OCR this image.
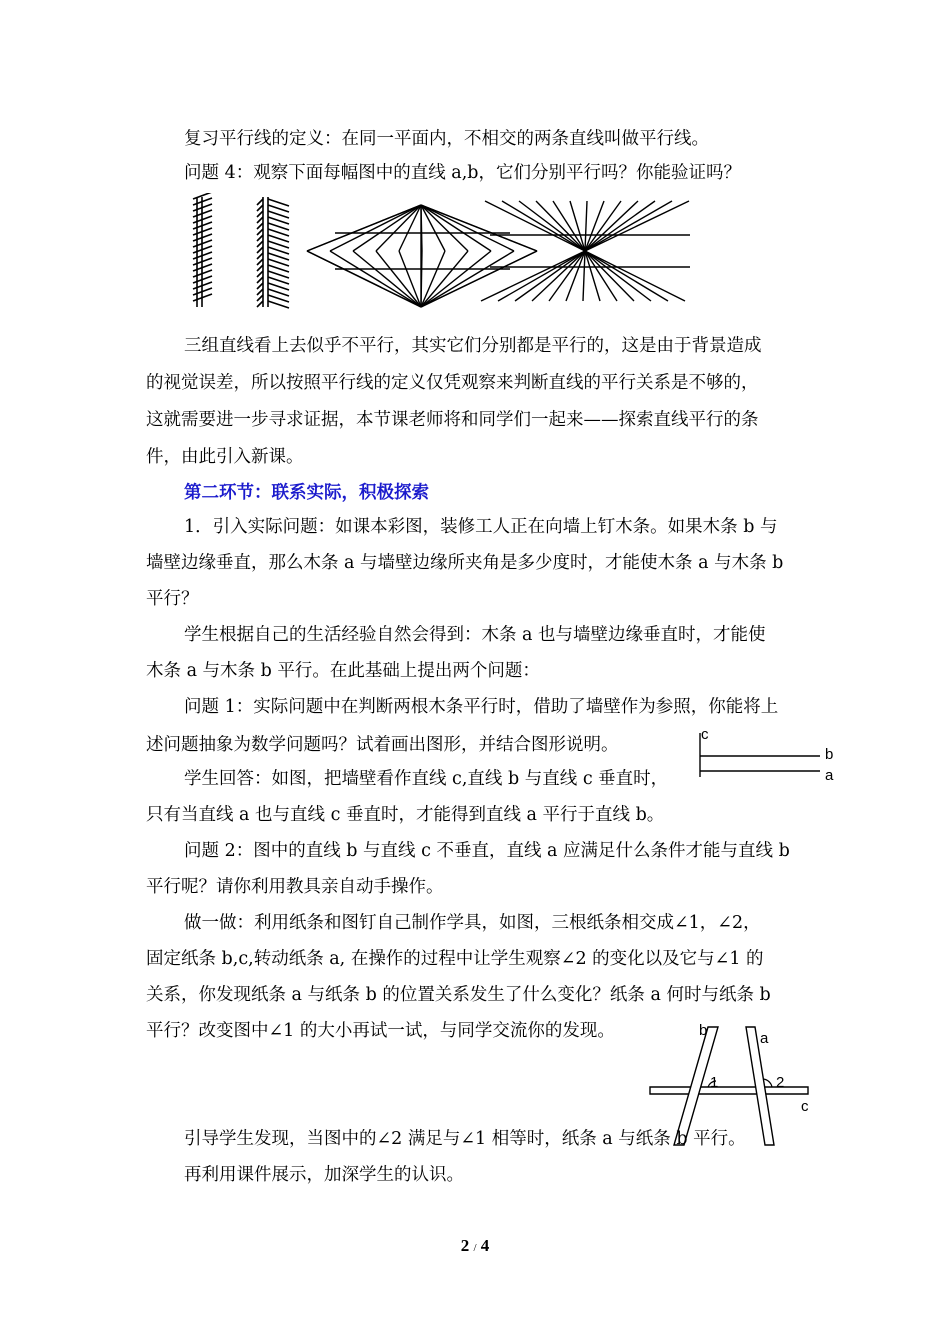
复习平行线的定义：在同一平面内，不相交的两条直线叫做平行线。
问题 4：观察下面每幅图中的直线 a,b，它们分别平行吗？你能验证吗？
三组直线看上去似乎不平行，其实它们分别都是平行的，这是由于背景造成
的视觉误差，所以按照平行线的定义仅凭观察来判断直线的平行关系是不够的，
这就需要进一步寻求证据，本节课老师将和同学们一起来——探索直线平行的条
件，由此引入新课。
第二环节：联系实际，积极探索
1．引入实际问题：如课本彩图，装修工人正在向墙上钉木条。如果木条 b 与
墙壁边缘垂直，那么木条 a 与墙壁边缘所夹角是多少度时，才能使木条 a 与木条 b
平行？
学生根据自己的生活经验自然会得到：木条 a 也与墙壁边缘垂直时，才能使
木条 a 与木条 b 平行。在此基础上提出两个问题：
问题 1：实际问题中在判断两根木条平行时，借助了墙壁作为参照，你能将上
述问题抽象为数学问题吗？试着画出图形，并结合图形说明。
c
b
a
学生回答：如图，把墙壁看作直线 c,直线 b 与直线 c 垂直时，
只有当直线 a 也与直线 c 垂直时，才能得到直线 a 平行于直线 b。
问题 2：图中的直线 b 与直线 c 不垂直，直线 a 应满足什么条件才能与直线 b
平行呢？请你利用教具亲自动手操作。
做一做：利用纸条和图钉自己制作学具，如图，三根纸条相交成∠1，∠2，
固定纸条 b,c,转动纸条 a, 在操作的过程中让学生观察∠2 的变化以及它与∠1 的
关系，你发现纸条 a 与纸条 b 的位置关系发生了什么变化？纸条 a 何时与纸条 b
平行？改变图中∠1 的大小再试一试，与同学交流你的发现。	b	a
1	2
c
引导学生发现，当图中的∠2 满足与∠1 相等时，纸条 a 与纸条 b 平行。
再利用课件展示，加深学生的认识。
2 / 4
